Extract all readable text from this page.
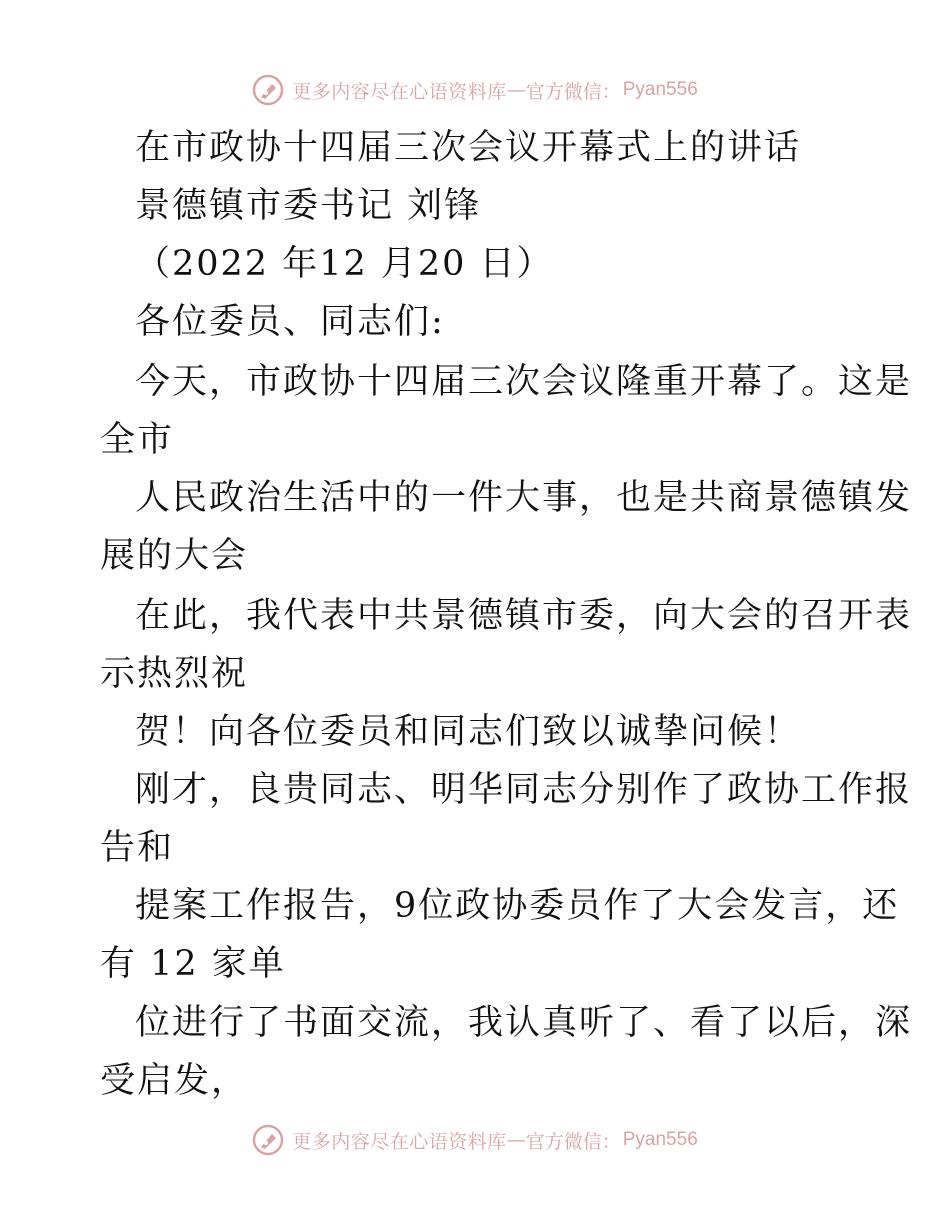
更多内容尽在心语资料库 — 官方微信： Pyan556
在市政协十四届三次会议开幕式上的讲话
景德镇市委书记 刘锋
（2022 年12 月20 日）
各位委员、同志们:
今天，市政协十四届三次会议隆重开幕了。这是
全市
人民政治生活中的一件大事，也是共商景德镇发
展的大会
在此，我代表中共景德镇市委，向大会的召开表
示热烈祝
贺！向各位委员和同志们致以诚挚问候！
刚才，良贵同志、明华同志分别作了政协工作报
告和
提案工作报告，9位政协委员作了大会发言，还
有 12 家单
位进行了书面交流，我认真听了、看了以后，深
受启发，
更多内容尽在心语资料库 — 官方微信： Pyan556
